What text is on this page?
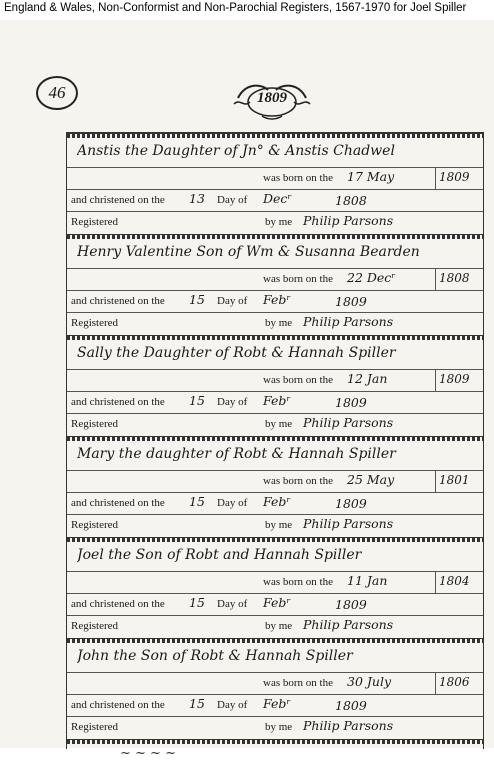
England & Wales, Non-Conformist and Non-Parochial Registers, 1567-1970 for Joel Spiller
46	1809
Anstis the Daughter of Jn° & Anstis Chadwel
was born on the 17 May	1809
and christened on the 13 Day of Decʳ	1808
Registered	by me Philip Parsons
Henry Valentine Son of Wm & Susanna Bearden
was born on the 22 Decʳ	1808
and christened on the 15 Day of Febʳ	1809
Registered	by me Philip Parsons
Sally the Daughter of Robt & Hannah Spiller
was born on the 12 Jan	1809
and christened on the 15 Day of Febʳ	1809
Registered	by me Philip Parsons
Mary the daughter of Robt & Hannah Spiller
was born on the 25 May	1801
and christened on the 15 Day of Febʳ	1809
Registered	by me Philip Parsons
Joel the Son of Robt and Hannah Spiller
was born on the 11 Jan	1804
and christened on the 15 Day of Febʳ	1809
Registered	by me Philip Parsons
John the Son of Robt & Hannah Spiller
was born on the 30 July	1806
and christened on the 15 Day of Febʳ	1809
Registered	by me Philip Parsons
~ ~ ~ ~
